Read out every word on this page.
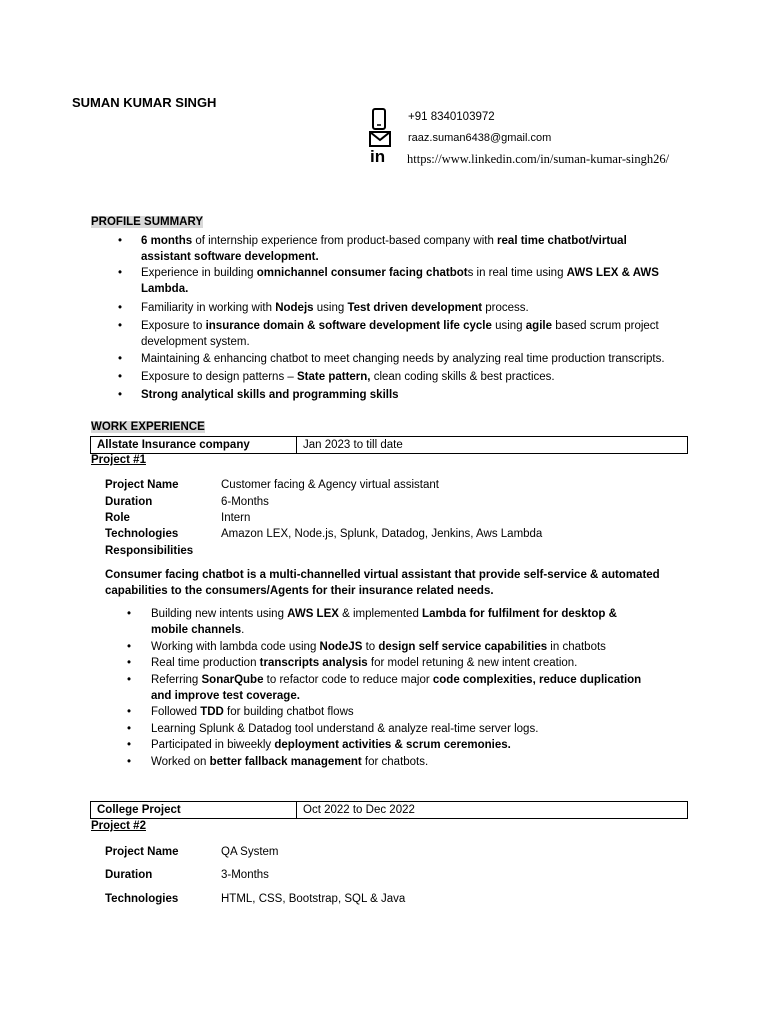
SUMAN KUMAR SINGH
+91 8340103972
raaz.suman6438@gmail.com
in https://www.linkedin.com/in/suman-kumar-singh26/
PROFILE SUMMARY
• 6 months of internship experience from product-based company with real time chatbot/virtual
assistant software development.
• Experience in building omnichannel consumer facing chatbots in real time using AWS LEX & AWS
Lambda.
• Familiarity in working with Nodejs using Test driven development process.
• Exposure to insurance domain & software development life cycle using agile based scrum project
development system.
• Maintaining & enhancing chatbot to meet changing needs by analyzing real time production transcripts.
• Exposure to design patterns – State pattern, clean coding skills & best practices.
• Strong analytical skills and programming skills
WORK EXPERIENCE
Allstate Insurance company	Jan 2023 to till date
Project #1
Project Name	Customer facing & Agency virtual assistant
Duration	6-Months
Role	Intern
Technologies	Amazon LEX, Node.js, Splunk, Datadog, Jenkins, Aws Lambda
Responsibilities
Consumer facing chatbot is a multi-channelled virtual assistant that provide self-service & automated
capabilities to the consumers/Agents for their insurance related needs.
• Building new intents using AWS LEX & implemented Lambda for fulfilment for desktop &
mobile channels.
• Working with lambda code using NodeJS to design self service capabilities in chatbots
• Real time production transcripts analysis for model retuning & new intent creation.
• Referring SonarQube to refactor code to reduce major code complexities, reduce duplication
and improve test coverage.
• Followed TDD for building chatbot flows
• Learning Splunk & Datadog tool understand & analyze real-time server logs.
• Participated in biweekly deployment activities & scrum ceremonies.
• Worked on better fallback management for chatbots.
College Project	Oct 2022 to Dec 2022
Project #2
Project Name	QA System
Duration	3-Months
Technologies	HTML, CSS, Bootstrap, SQL & Java
